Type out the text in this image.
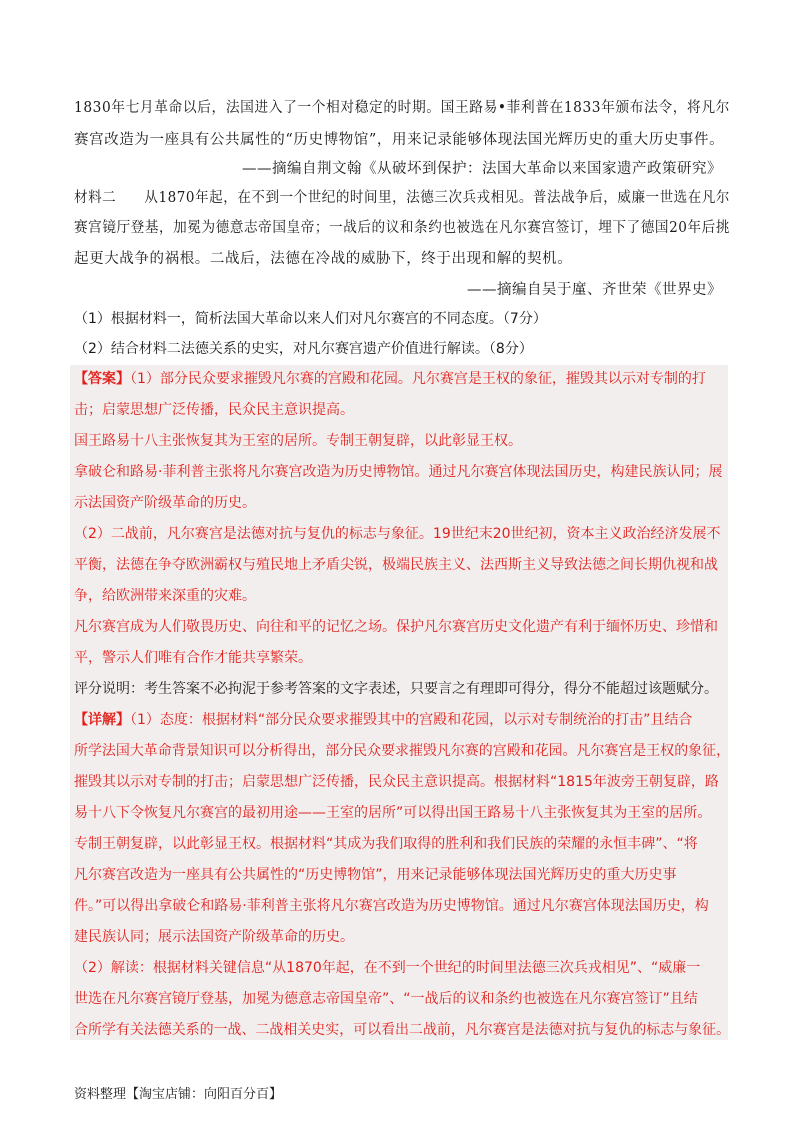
1830年七月革命以后，法国进入了一个相对稳定的时期。国王路易•菲利普在1833年颁布法令，将凡尔
赛宫改造为一座具有公共属性的“历史博物馆”，用来记录能够体现法国光辉历史的重大历史事件。
——摘编自荆文翰《从破坏到保护：法国大革命以来国家遗产政策研究》
材料二　　从1870年起，在不到一个世纪的时间里，法德三次兵戎相见。普法战争后，威廉一世选在凡尔
赛宫镜厅登基，加冕为德意志帝国皇帝；一战后的议和条约也被选在凡尔赛宫签订，埋下了德国20年后挑
起更大战争的祸根。二战后，法德在冷战的威胁下，终于出现和解的契机。
——摘编自吴于廑、齐世荣《世界史》
（1）根据材料一，简析法国大革命以来人们对凡尔赛宫的不同态度。（7分）
（2）结合材料二法德关系的史实，对凡尔赛宫遗产价值进行解读。（8分）
【答案】（1）部分民众要求摧毁凡尔赛的宫殿和花园。凡尔赛宫是王权的象征，摧毁其以示对专制的打
击；启蒙思想广泛传播，民众民主意识提高。
国王路易十八主张恢复其为王室的居所。专制王朝复辟，以此彰显王权。
拿破仑和路易·菲利普主张将凡尔赛宫改造为历史博物馆。通过凡尔赛宫体现法国历史，构建民族认同；展
示法国资产阶级革命的历史。
（2）二战前，凡尔赛宫是法德对抗与复仇的标志与象征。19世纪末20世纪初，资本主义政治经济发展不
平衡，法德在争夺欧洲霸权与殖民地上矛盾尖锐，极端民族主义、法西斯主义导致法德之间长期仇视和战
争，给欧洲带来深重的灾难。
凡尔赛宫成为人们敬畏历史、向往和平的记忆之场。保护凡尔赛宫历史文化遗产有利于缅怀历史、珍惜和
平，警示人们唯有合作才能共享繁荣。
评分说明：考生答案不必拘泥于参考答案的文字表述，只要言之有理即可得分，得分不能超过该题赋分。
【详解】（1）态度：根据材料“部分民众要求摧毁其中的宫殿和花园，以示对专制统治的打击”且结合
所学法国大革命背景知识可以分析得出，部分民众要求摧毁凡尔赛的宫殿和花园。凡尔赛宫是王权的象征，
摧毁其以示对专制的打击；启蒙思想广泛传播，民众民主意识提高。根据材料“1815年波旁王朝复辟，路
易十八下令恢复凡尔赛宫的最初用途——王室的居所”可以得出国王路易十八主张恢复其为王室的居所。
专制王朝复辟，以此彰显王权。根据材料“其成为我们取得的胜利和我们民族的荣耀的永恒丰碑”、“将
凡尔赛宫改造为一座具有公共属性的“历史博物馆”，用来记录能够体现法国光辉历史的重大历史事
件。”可以得出拿破仑和路易·菲利普主张将凡尔赛宫改造为历史博物馆。通过凡尔赛宫体现法国历史，构
建民族认同；展示法国资产阶级革命的历史。
（2）解读：根据材料关键信息“从1870年起，在不到一个世纪的时间里法德三次兵戎相见”、“威廉一
世选在凡尔赛宫镜厅登基，加冕为德意志帝国皇帝”、“一战后的议和条约也被选在凡尔赛宫签订”且结
合所学有关法德关系的一战、二战相关史实，可以看出二战前，凡尔赛宫是法德对抗与复仇的标志与象征。
资料整理【淘宝店铺：向阳百分百】
